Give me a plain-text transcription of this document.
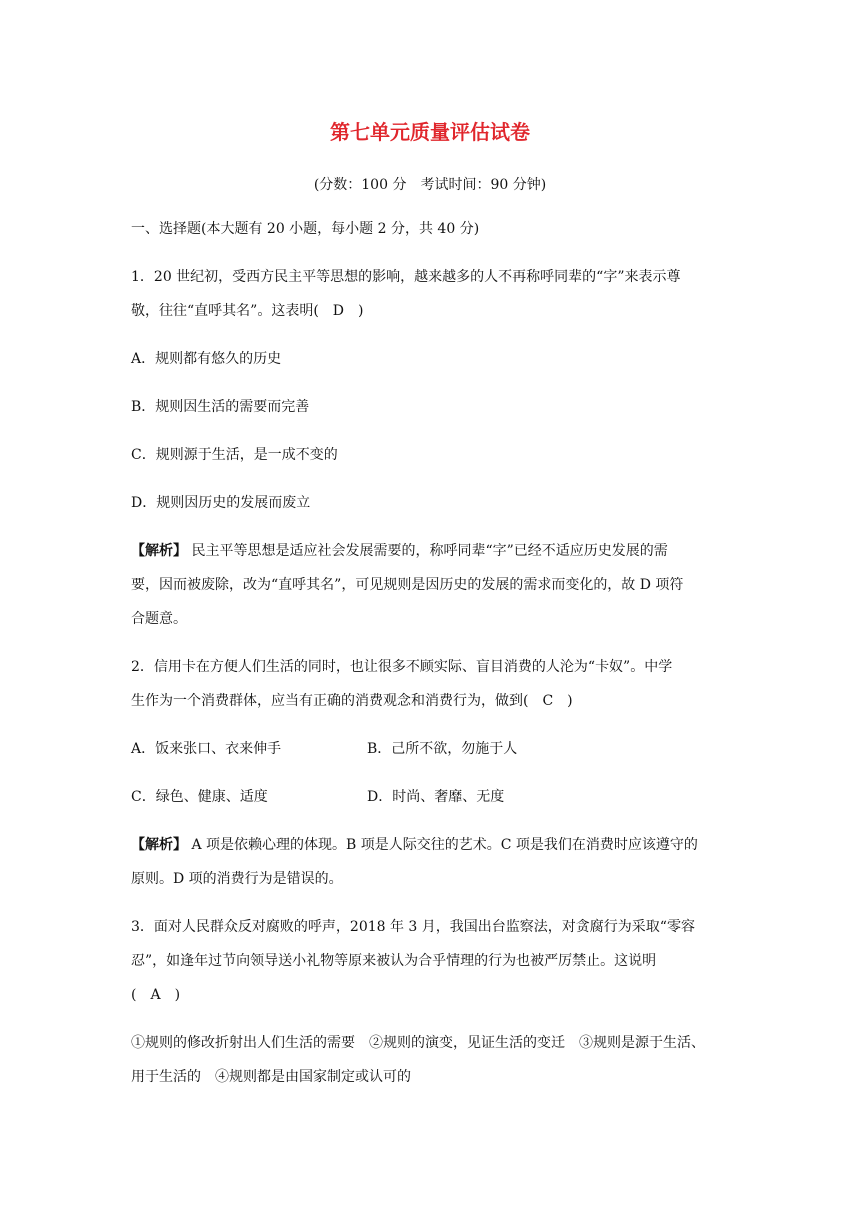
第七单元质量评估试卷
(分数：100 分　考试时间：90 分钟)
一、选择题(本大题有 20 小题，每小题 2 分，共 40 分)
1．20 世纪初，受西方民主平等思想的影响，越来越多的人不再称呼同辈的“字”来表示尊
敬，往往“直呼其名”。这表明(　D　)
A．规则都有悠久的历史
B．规则因生活的需要而完善
C．规则源于生活，是一成不变的
D．规则因历史的发展而废立
【解析】 民主平等思想是适应社会发展需要的，称呼同辈“字”已经不适应历史发展的需
要，因而被废除，改为“直呼其名”，可见规则是因历史的发展的需求而变化的，故 D 项符
合题意。
2．信用卡在方便人们生活的同时，也让很多不顾实际、盲目消费的人沦为“卡奴”。中学
生作为一个消费群体，应当有正确的消费观念和消费行为，做到(　C　)
A．饭来张口、衣来伸手	B．己所不欲，勿施于人
C．绿色、健康、适度	D．时尚、奢靡、无度
【解析】 A 项是依赖心理的体现。B 项是人际交往的艺术。C 项是我们在消费时应该遵守的
原则。D 项的消费行为是错误的。
3．面对人民群众反对腐败的呼声，2018 年 3 月，我国出台监察法，对贪腐行为采取“零容
忍”，如逢年过节向领导送小礼物等原来被认为合乎情理的行为也被严厉禁止。这说明
(　A　)
①规则的修改折射出人们生活的需要　②规则的演变，见证生活的变迁　③规则是源于生活、
用于生活的　④规则都是由国家制定或认可的
